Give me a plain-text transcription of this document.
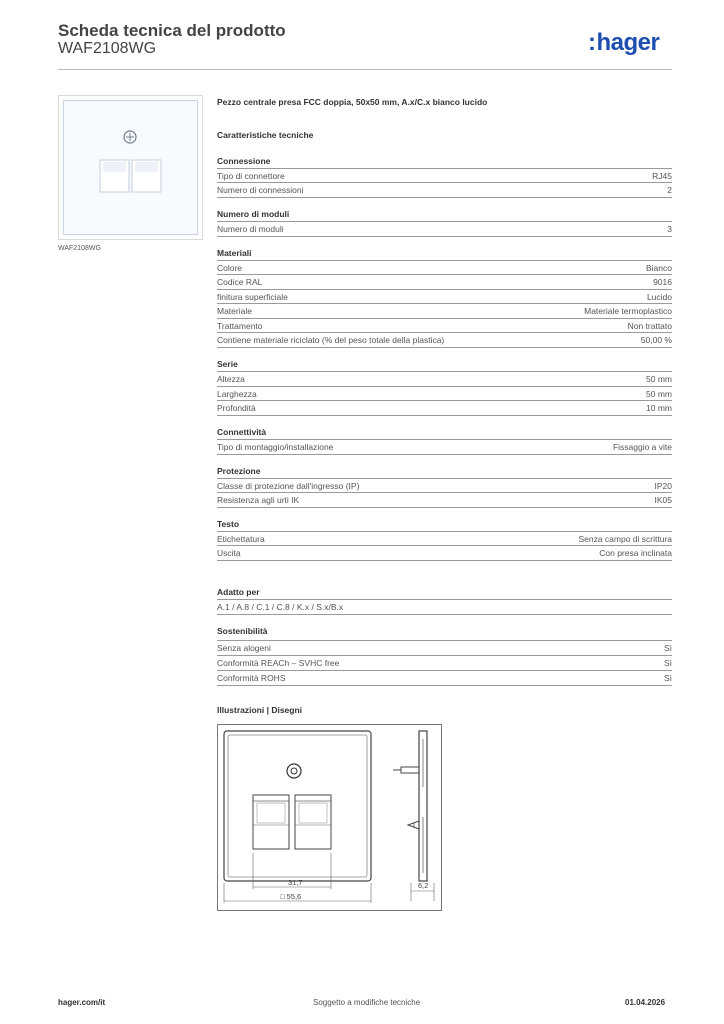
Scheda tecnica del prodotto
WAF2108WG	:hager
WAF2108WG
Pezzo centrale presa FCC doppia, 50x50 mm, A.x/C.x bianco lucido
Caratteristiche tecniche
Connessione
Tipo di connettore	RJ45
Numero di connessioni	2
Numero di moduli
Numero di moduli	3
Materiali
Colore	Bianco
Codice RAL	9016
finitura superficiale	Lucido
Materiale	Materiale termoplastico
Trattamento	Non trattato
Contiene materiale riciclato (% del peso totale della plastica)	50,00 %
Serie
Altezza	50 mm
Larghezza	50 mm
Profondità	10 mm
Connettività
Tipo di montaggio/installazione	Fissaggio a vite
Protezione
Classe di protezione dall'ingresso (IP)	IP20
Resistenza agli urti IK	IK05
Testo
Etichettatura	Senza campo di scrittura
Uscita	Con presa inclinata
Adatto per
A.1 / A.8 / C.1 / C.8 / K.x / S.x/B.x
Sostenibilità
Senza alogeni	Sì
Conformità REACh – SVHC free	Sì
Conformità ROHS	Sì
Illustrazioni | Disegni
31,7
□ 55,6
6,2
hager.com/it	Soggetto a modifiche tecniche	01.04.2026
